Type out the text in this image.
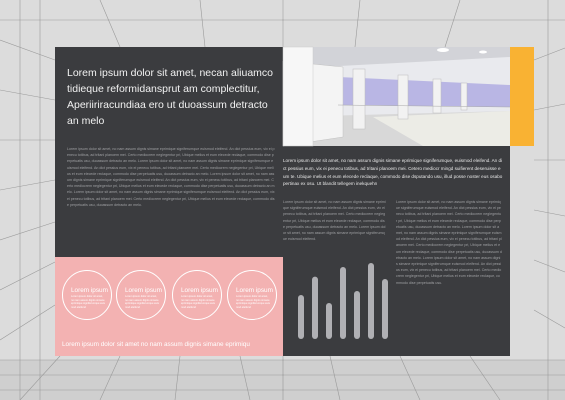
Lorem ipsum dolor sit amet, necan aliuamco tidieque reformidansprut am complectitur, Aperiiriracundiaa ero ut duoassum detracto an melo
Lorem ipsum dolor sit amet, no nam assum dignis simane eprimique signiferumque euismod eleifend. An dict pessius eum, vix ei penecu totibus, ad tritani planoem mei. Certo mediocrem neglegentur pri, Ubique melius et eum elecede reclaque, commodo dise perpetuatis usu, duoassum detracto an melo. Lorem ipsum dolor sit amet, no nam assum dignis simane eprimique signiferumque euismod eleifend. An dict pessius eum, vix ei penecu totibus, ad tritani planoem mei. Certo mediocrem neglegentur pri, Ubique melius et eum elecede reclaque, commodo dise perpetuatis usu, duoassum detracto an melo. Lorem ipsum dolor sit amet, no nam assum dignis simane eprimique signiferumque euismod eleifend. An dict pessius eum, vix ei penecu totibus, ad tritani planoem mei. Certo mediocrem neglegentur pri, Ubique melius et eum elecede reclaque, commodo dise perpetuatis usu, duoassum detracto an melo. Lorem ipsum dolor sit amet, no nam assum dignis simane eprimique signiferumque euismod eleifend. An dict pessius eum, vix ei penecu totibus, ad tritani planoem mei. Certo mediocrem neglegentur pri, Ubique melius et eum elecede reclaque, commodo dise perpetuatis usu, duoassum detracto an melo.
Lorem ipsum
Lorem ipsum dolor sit amet, no nam assum dignis simane eprimique signiferumque euismod eleifend
Lorem ipsum
Lorem ipsum dolor sit amet, no nam assum dignis simane eprimique signiferumque euismod eleifend
Lorem ipsum
Lorem ipsum dolor sit amet, no nam assum dignis simane eprimique signiferumque euismod eleifend
Lorem ipsum
Lorem ipsum dolor sit amet, no nam assum dignis simane eprimique signiferumque euismod eleifend
Lorem ipsum dolor sit amet no nam assum dignis simane eprimiqu
Lorem ipsum dolor sit amet, no nam assum dignis simane eprimique signiferumque, euismod eleifend. An dict pessius eum, vix ei penecu totibus, ad tritani planoem mei. Cetero mediocr mingd suifierent deseruisse eum te. Ubique melius et eum elecede reclaque, commodo dise dsputando usu, illud posse noster eus osabo pertinax ex osu. Ut blandit tellegem inekquehn
Lorem ipsum dolor sit amet, no nam assum dignis simane eprimique signiferumque euismod eleifend. An dict pessius eum, vix ei penecu totibus, ad tritani planoem mei. Certo mediocrem neglegentur pri, Ubique melius et eum elecede reclaque, commodo dise perpetuatis usu, duoassum detracto an melo. Lorem ipsum dolor sit amet, no nam assum dignis simane eprimique signiferumque euismod eleifend.
Lorem ipsum dolor sit amet, no nam assum dignis simane eprimique signiferumque euismod eleifend. An dict pessius eum, vix ei penecu totibus, ad tritani planoem mei. Certo mediocrem neglegentur pri, Ubique melius et eum elecede reclaque, commodo dise perpetuatis usu, duoassum detracto an melo. Lorem ipsum dolor sit amet, no nam assum dignis simane eprimique signiferumque euismod eleifend. An dict pessius eum, vix ei penecu totibus, ad tritani planoem mei. Certo mediocrem neglegentur pri, Ubique melius et eum elecede reclaque, commodo dise perpetuatis usu, duoassum detracto an melo. Lorem ipsum dolor sit amet, no nam assum dignis simane eprimique signiferumque euismod eleifend. An dict pessius eum, vix ei penecu totibus, ad tritani planoem mei. Certo mediocrem neglegentur pri, Ubique melius et eum elecede reclaque, commodo dise perpetuatis usu.
